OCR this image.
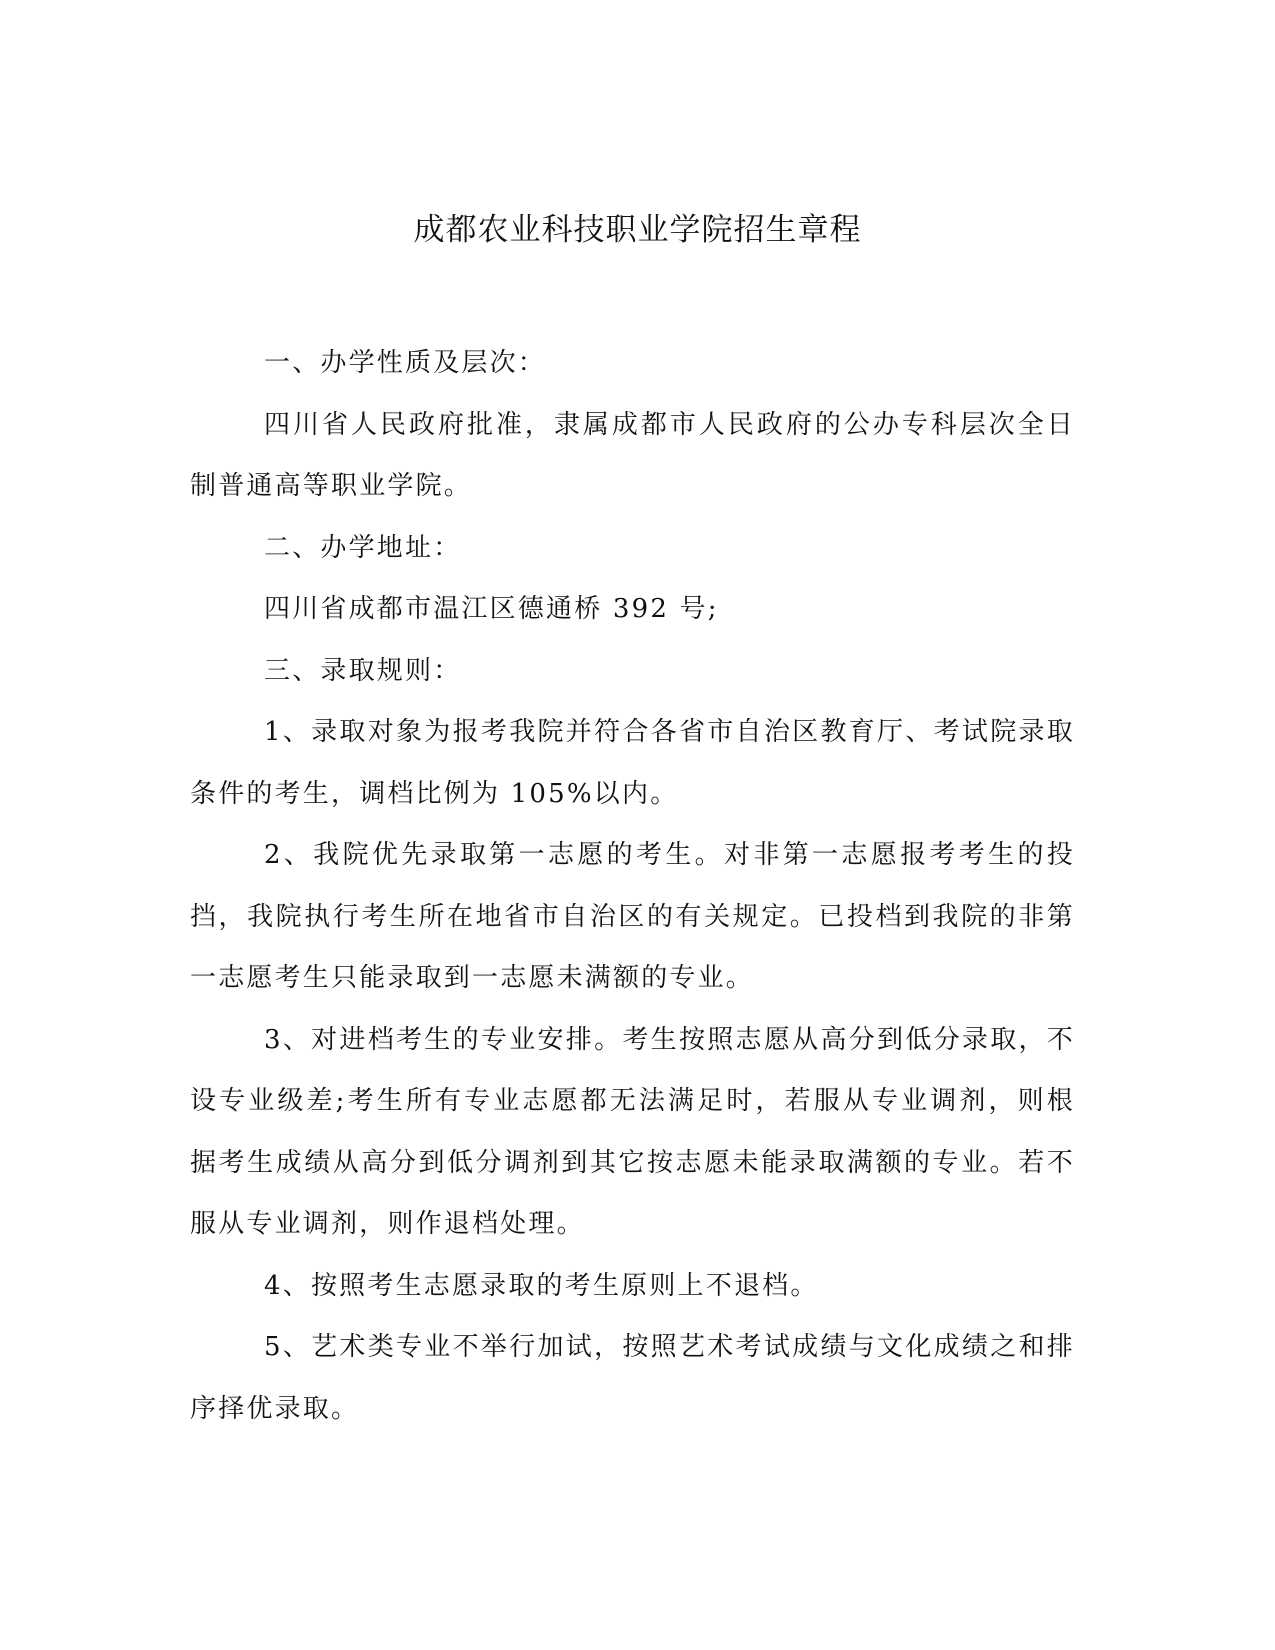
成都农业科技职业学院招生章程

一、办学性质及层次：

四川省人民政府批准，隶属成都市人民政府的公办专科层次全日制普通高等职业学院。

二、办学地址：

四川省成都市温江区德通桥 392 号;

三、录取规则：

1、录取对象为报考我院并符合各省市自治区教育厅、考试院录取条件的考生，调档比例为 105%以内。

2、我院优先录取第一志愿的考生。对非第一志愿报考考生的投挡，我院执行考生所在地省市自治区的有关规定。已投档到我院的非第一志愿考生只能录取到一志愿未满额的专业。

3、对进档考生的专业安排。考生按照志愿从高分到低分录取，不设专业级差;考生所有专业志愿都无法满足时，若服从专业调剂，则根据考生成绩从高分到低分调剂到其它按志愿未能录取满额的专业。若不服从专业调剂，则作退档处理。

4、按照考生志愿录取的考生原则上不退档。

5、艺术类专业不举行加试，按照艺术考试成绩与文化成绩之和排序择优录取。
